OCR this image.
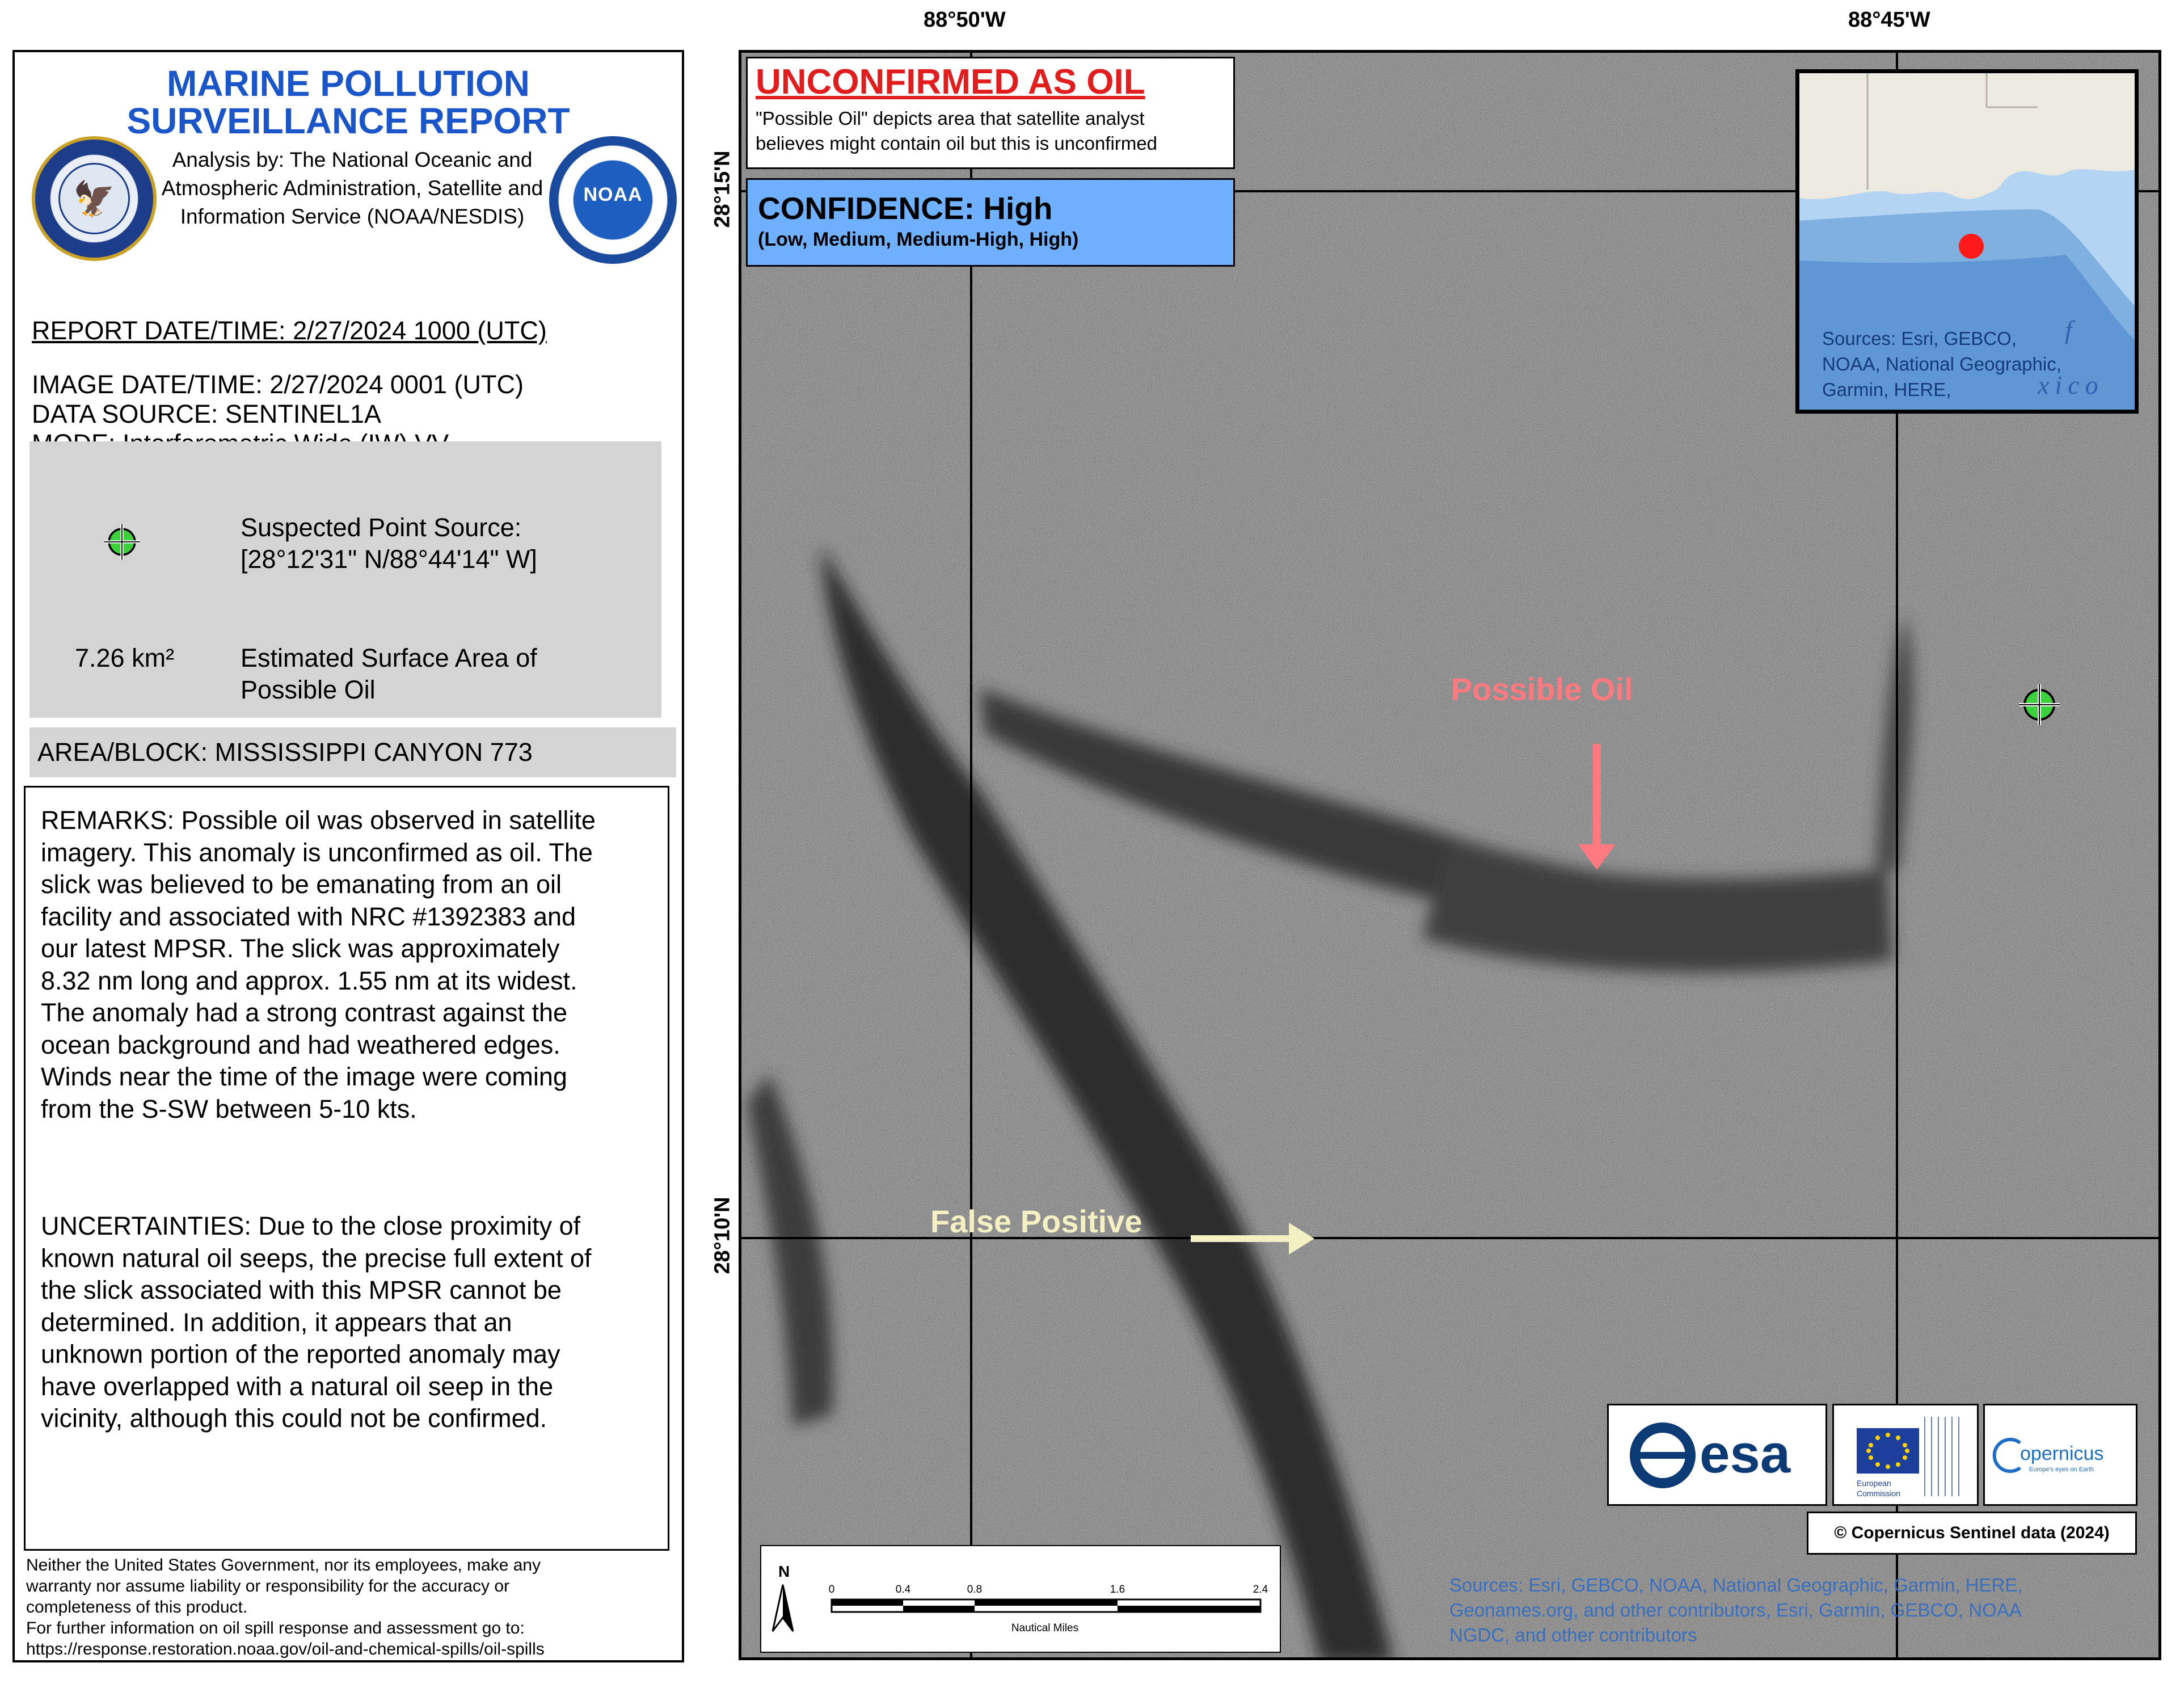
MARINE POLLUTION
SURVEILLANCE REPORT
🦅	NOAA
Analysis by: The National Oceanic and
Atmospheric Administration, Satellite and
Information Service (NOAA/NESDIS)
REPORT DATE/TIME: 2/27/2024 1000 (UTC)
IMAGE DATE/TIME: 2/27/2024 0001 (UTC)
DATA SOURCE: SENTINEL1A
Suspected Point Source:
[28°12'31" N/88°44'14" W]
7.26 km²	Estimated Surface Area of
Possible Oil
AREA/BLOCK: MISSISSIPPI CANYON 773
REMARKS: Possible oil was observed in satellite
imagery. This anomaly is unconfirmed as oil. The
slick was believed to be emanating from an oil
facility and associated with NRC #1392383 and
our latest MPSR. The slick was approximately
8.32 nm long and approx. 1.55 nm at its widest.
The anomaly had a strong contrast against the
ocean background and had weathered edges.
Winds near the time of the image were coming
from the S-SW between 5-10 kts.
UNCERTAINTIES: Due to the close proximity of
known natural oil seeps, the precise full extent of
the slick associated with this MPSR cannot be
determined. In addition, it appears that an
unknown portion of the reported anomaly may
have overlapped with a natural oil seep in the
vicinity, although this could not be confirmed.
Neither the United States Government, nor its employees, make any
warranty nor assume liability or responsibility for the accuracy or
completeness of this product.
For further information on oil spill response and assessment go to:
https://response.restoration.noaa.gov/oil-and-chemical-spills/oil-spills
88°50'W	88°45'W
28°15'N
28°10'N
UNCONFIRMED AS OIL
"Possible Oil" depicts area that satellite analyst
believes might contain oil but this is unconfirmed
CONFIDENCE: High
(Low, Medium, Medium-High, High)
f
xico
Sources: Esri, GEBCO,
NOAA, National Geographic,
Garmin, HERE,
Possible Oil
False Positive
esa	European
Commission
opernicus
Europe's eyes on Earth
© Copernicus Sentinel data (2024)
N
0	0.4	0.8	1.6	2.4
Nautical Miles
Sources: Esri, GEBCO, NOAA, National Geographic, Garmin, HERE,
Geonames.org, and other contributors, Esri, Garmin, GEBCO, NOAA
NGDC, and other contributors
